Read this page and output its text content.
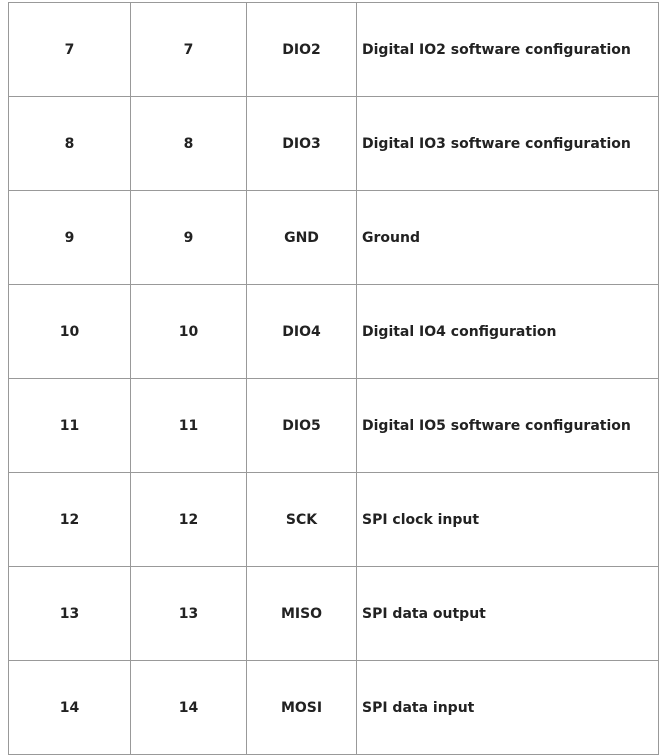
7	7	DIO2	Digital IO2 software configuration
8	8	DIO3	Digital IO3 software configuration
9	9	GND	Ground
10	10	DIO4	Digital IO4 configuration
11	11	DIO5	Digital IO5 software configuration
12	12	SCK	SPI clock input
13	13	MISO	SPI data output
14	14	MOSI	SPI data input
